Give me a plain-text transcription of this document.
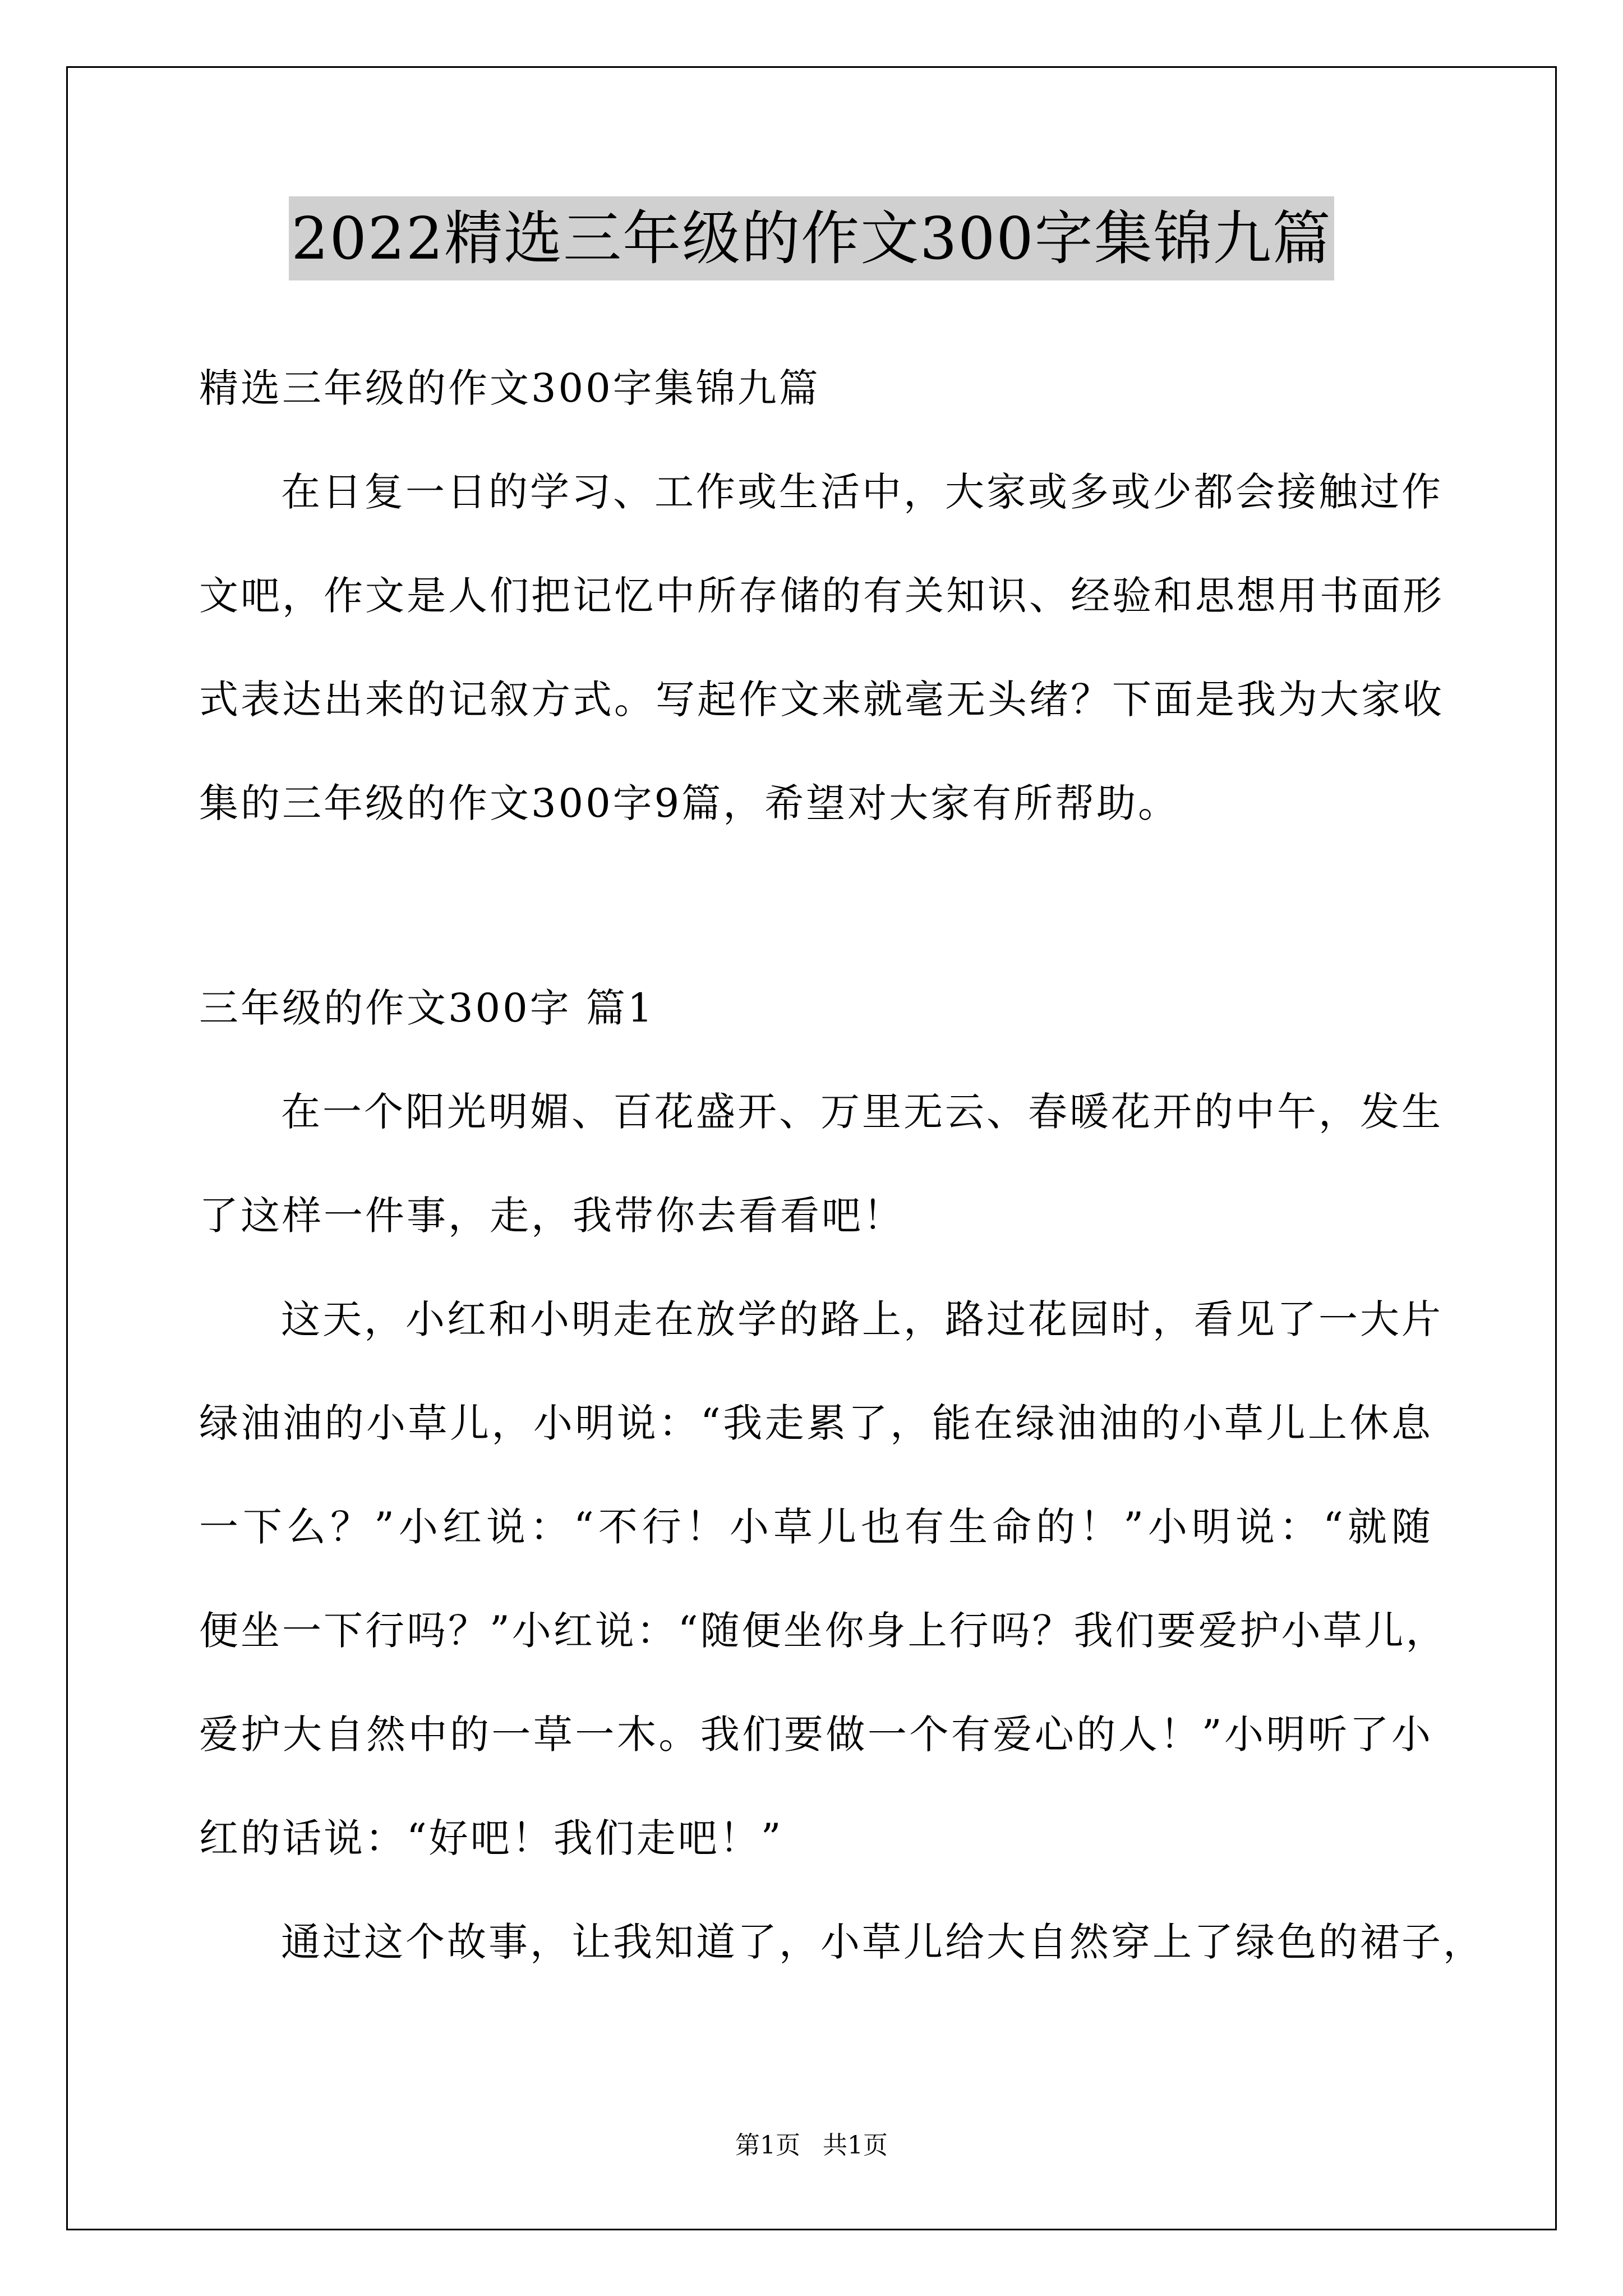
2022精选三年级的作文300字集锦九篇
精选三年级的作文300字集锦九篇
在日复一日的学习、工作或生活中，大家或多或少都会接触过作
文吧，作文是人们把记忆中所存储的有关知识、经验和思想用书面形
式表达出来的记叙方式。写起作文来就毫无头绪？下面是我为大家收
集的三年级的作文300字9篇，希望对大家有所帮助。
三年级的作文300字 篇1
在一个阳光明媚、百花盛开、万里无云、春暖花开的中午，发生
了这样一件事，走，我带你去看看吧！
这天，小红和小明走在放学的路上，路过花园时，看见了一大片
绿油油的小草儿，小明说：“我走累了，能在绿油油的小草儿上休息
一下么？”小红说：“不行！小草儿也有生命的！”小明说：“就随
便坐一下行吗？”小红说：“随便坐你身上行吗？我们要爱护小草儿，
爱护大自然中的一草一木。我们要做一个有爱心的人！”小明听了小
红的话说：“好吧！我们走吧！”
通过这个故事，让我知道了，小草儿给大自然穿上了绿色的裙子，
第1页 共1页
